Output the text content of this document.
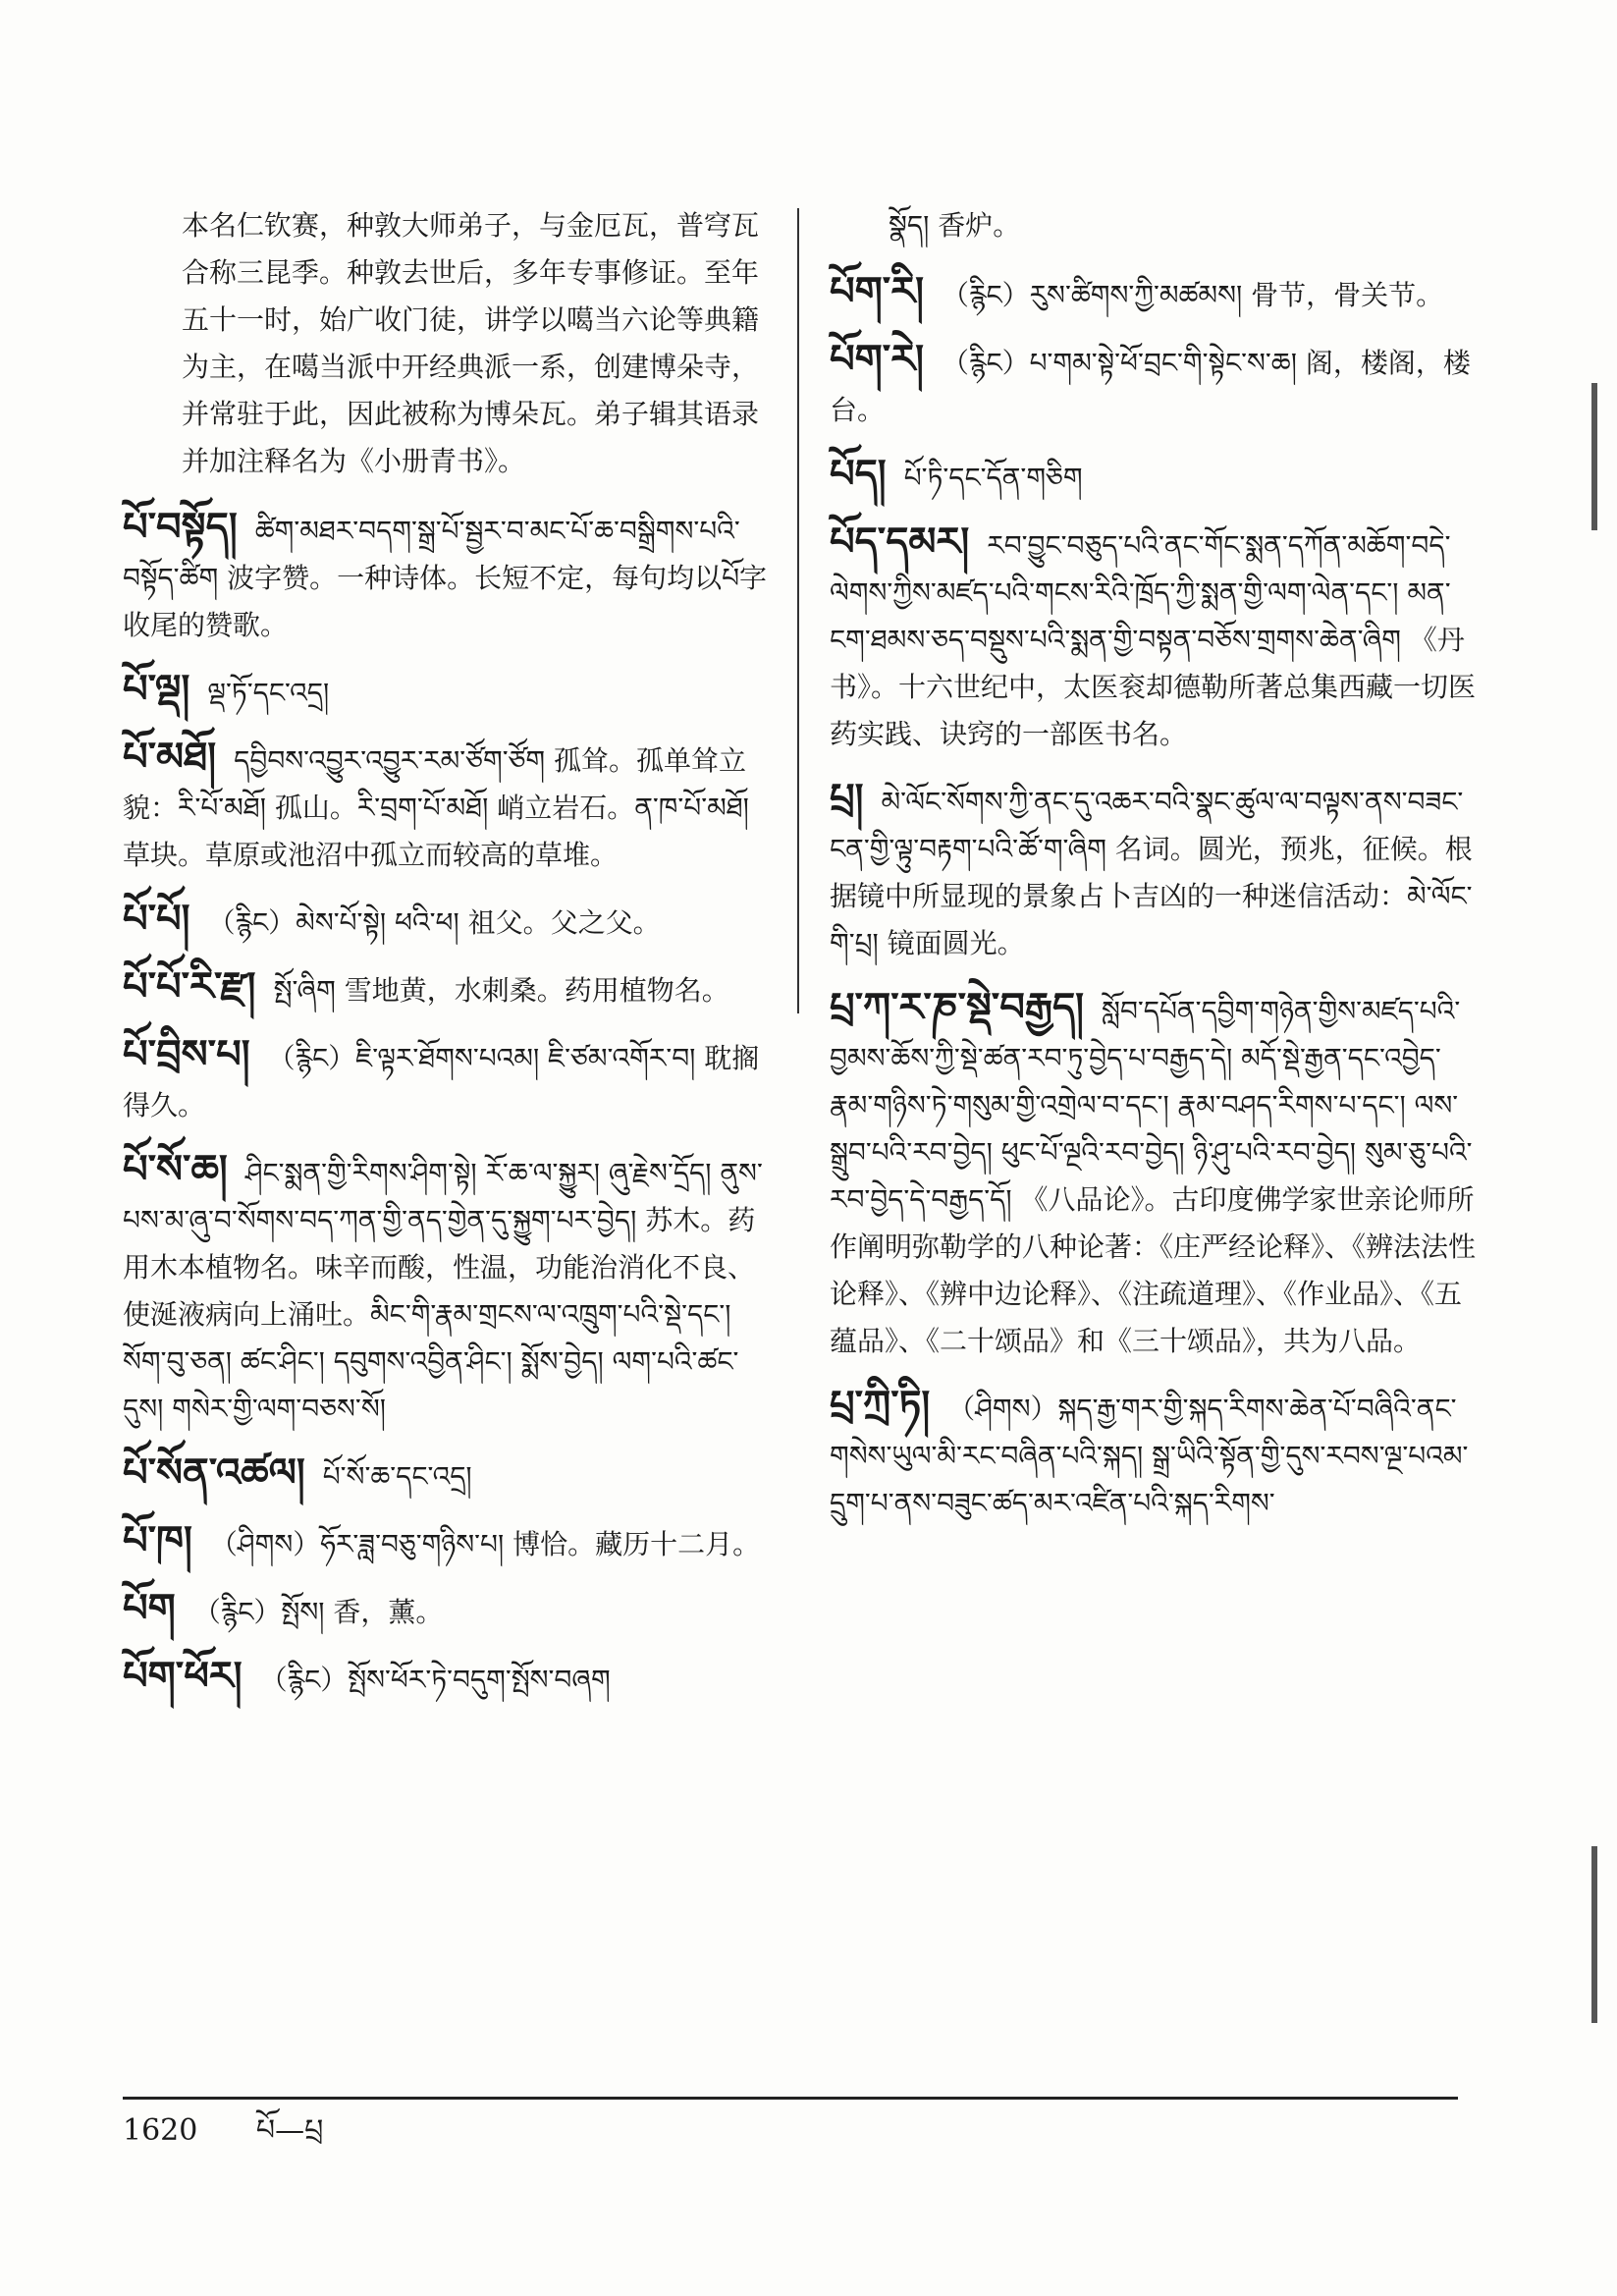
本名仁钦赛，种敦大师弟子，与金厄瓦，普穹瓦合称三昆季。种敦去世后，多年专事修证。至年五十一时，始广收门徒，讲学以噶当六论等典籍为主，在噶当派中开经典派一系，创建博朵寺，并常驻于此，因此被称为博朵瓦。弟子辑其语录并加注释名为《小册青书》。

པོ་བསྟོད། ཚིག་མཐར་བདག་སྒྲ་པོ་སྦྱར་བ་མང་པོ་ཆ་བསྒྲིགས་པའི་བསྟོད་ཚིག 波字赞。一种诗体。长短不定，每句均以པོ字收尾的赞歌。

པོ་ལྡ། ལྡ་ཏོ་དང་འདྲ།

པོ་མཐོ། དབྱིབས་འབྱུར་འབྱུར་རམ་ཙོག་ཙོག 孤耸。孤单耸立貌：རི་པོ་མཐོ། 孤山。རི་བྲག་པོ་མཐོ། 峭立岩石。ན་ཁ་པོ་མཐོ། 草块。草原或池沼中孤立而较高的草堆。

པོ་པོ། （རྙིང）མེས་པོ་སྟེ། ཕའི་ཕ། 祖父。父之父。

པོ་པོ་རི་རྫ། སྤོ་ཞིག 雪地黄，水刺桑。药用植物名。

པོ་བྲིས་པ། （རྙིང）ཇི་ལྟར་ཐོགས་པའམ། ཇི་ཙམ་འགོར་བ། 耽搁得久。

པོ་སོ་ཆ། ཤིང་སྨན་གྱི་རིགས་ཤིག་སྟེ། རོ་ཆ་ལ་སྐྱུར། ཞུ་རྗེས་དྲོད། ནུས་པས་མ་ཞུ་བ་སོགས་བད་ཀན་གྱི་ནད་གྱེན་དུ་སྐྱུག་པར་བྱེད། 苏木。药用木本植物名。味辛而酸，性温，功能治消化不良、使涎液病向上涌吐。མིང་གི་རྣམ་གྲངས་ལ་འཁྲུག་པའི་སྡེ་དང་། སོག་བུ་ཅན། ཚང་ཤིང་། དབུགས་འབྱིན་ཤིང་། སྨོས་བྱེད། ལག་པའི་ཚང་དུས། གསེར་གྱི་ལག་བཅས་སོ།

པོ་སོན་འཚལ། པོ་སོ་ཆ་དང་འདྲ།

པོ་ཁ། （ཤིགས）ཧོར་ཟླ་བཅུ་གཉིས་པ། 博恰。藏历十二月。

པོག （རྙིང）སྤོས། 香，薰。

པོག་ཕོར། （རྙིང）སྤོས་ཕོར་ཏེ་བདུག་སྤོས་བཞག

སྣོད། 香炉。

པོག་རི། （རྙིང）རུས་ཚིགས་ཀྱི་མཚམས། 骨节，骨关节。

པོག་རེ། （རྙིང）པ་གམ་སྟེ་ཕོ་བྲང་གི་སྟེང་ས་ཆ། 阁，楼阁，楼台。

པོད། པོ་ཏི་དང་དོན་གཅིག

པོད་དམར། རབ་བྱུང་བཅུད་པའི་ནང་གོང་སྨན་དཀོན་མཆོག་བདེ་ལེགས་ཀྱིས་མཛད་པའི་གངས་རིའི་ཁྲོད་ཀྱི་སྨན་གྱི་ལག་ལེན་དང་། མན་ངག་ཐམས་ཅད་བསྡུས་པའི་སྨན་གྱི་བསྟན་བཅོས་གྲགས་ཆེན་ཞིག 《丹书》。十六世纪中，太医衮却德勒所著总集西藏一切医药实践、诀窍的一部医书名。

པྲ། མེ་ལོང་སོགས་ཀྱི་ནང་དུ་འཆར་བའི་སྣང་ཚུལ་ལ་བལྟས་ནས་བཟང་ངན་གྱི་ལྟུ་བརྟག་པའི་ཚོ་ག་ཞིག 名词。圆光，预兆，征候。根据镜中所显现的景象占卜吉凶的一种迷信活动：མེ་ལོང་གི་པྲ། 镜面圆光。

པྲ་ཀ་ར་ཎ་སྡེ་བརྒྱད། སློབ་དཔོན་དབྱིག་གཉེན་གྱིས་མཛད་པའི་བྱམས་ཆོས་ཀྱི་སྡེ་ཚན་རབ་ཏུ་བྱེད་པ་བརྒྱད་དེ། མདོ་སྡེ་རྒྱན་དང་འབྱེད་རྣམ་གཉིས་ཏེ་གསུམ་གྱི་འགྲེལ་བ་དང་། རྣམ་བཤད་རིགས་པ་དང་། ལས་སྒྲུབ་པའི་རབ་བྱེད། ཕུང་པོ་ལྔའི་རབ་བྱེད། ཉི་ཤུ་པའི་རབ་བྱེད། སུམ་ཅུ་པའི་རབ་བྱེད་དེ་བརྒྱད་དོ། 《八品论》。古印度佛学家世亲论师所作阐明弥勒学的八种论著：《庄严经论释》、《辨法法性论释》、《辨中边论释》、《注疏道理》、《作业品》、《五蕴品》、《二十颂品》和《三十颂品》，共为八品。

པྲ་ཀྲི་ཏི། （ཤིགས）སྐད་རྒྱ་གར་གྱི་སྐད་རིགས་ཆེན་པོ་བཞིའི་ནང་གསེས་ཡུལ་མི་རང་བཞིན་པའི་སྐད། སྒྲ་ཡིའི་སྟོན་གྱི་དུས་རབས་ལྔ་པའམ་དྲུག་པ་ནས་བཟུང་ཚད་མར་འཛིན་པའི་སྐད་རིགས་

1620 པོ—པྲ
